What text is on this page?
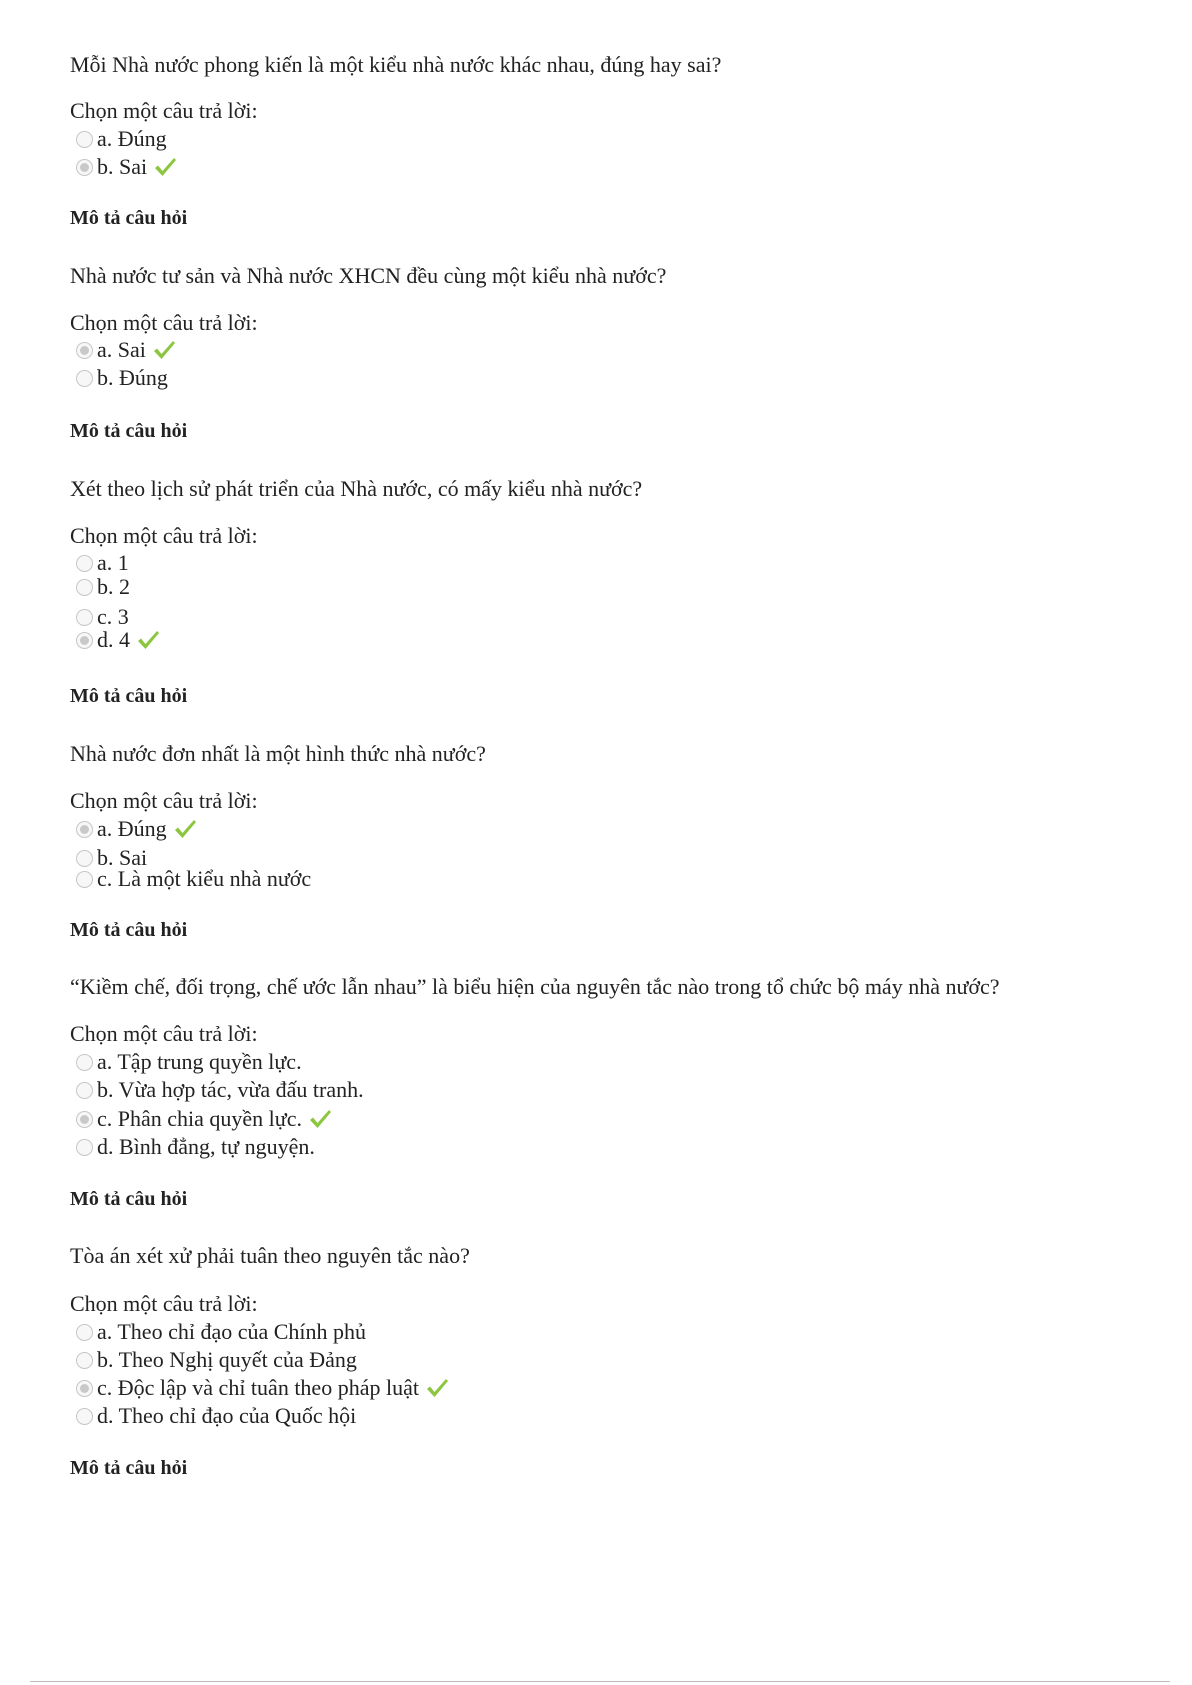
Mỗi Nhà nước phong kiến là một kiểu nhà nước khác nhau, đúng hay sai?
Chọn một câu trả lời:
a. Đúng
b. Sai
Mô tả câu hỏi
Nhà nước tư sản và Nhà nước XHCN đều cùng một kiểu nhà nước?
Chọn một câu trả lời:
a. Sai
b. Đúng
Mô tả câu hỏi
Xét theo lịch sử phát triển của Nhà nước, có mấy kiểu nhà nước?
Chọn một câu trả lời:
a. 1
b. 2
c. 3
d. 4
Mô tả câu hỏi
Nhà nước đơn nhất là một hình thức nhà nước?
Chọn một câu trả lời:
a. Đúng
b. Sai
c. Là một kiểu nhà nước
Mô tả câu hỏi
“Kiềm chế, đối trọng, chế ước lẫn nhau” là biểu hiện của nguyên tắc nào trong tổ chức bộ máy nhà nước?
Chọn một câu trả lời:
a. Tập trung quyền lực.
b. Vừa hợp tác, vừa đấu tranh.
c. Phân chia quyền lực.
d. Bình đẳng, tự nguyện.
Mô tả câu hỏi
Tòa án xét xử phải tuân theo nguyên tắc nào?
Chọn một câu trả lời:
a. Theo chỉ đạo của Chính phủ
b. Theo Nghị quyết của Đảng
c. Độc lập và chỉ tuân theo pháp luật
d. Theo chỉ đạo của Quốc hội
Mô tả câu hỏi
